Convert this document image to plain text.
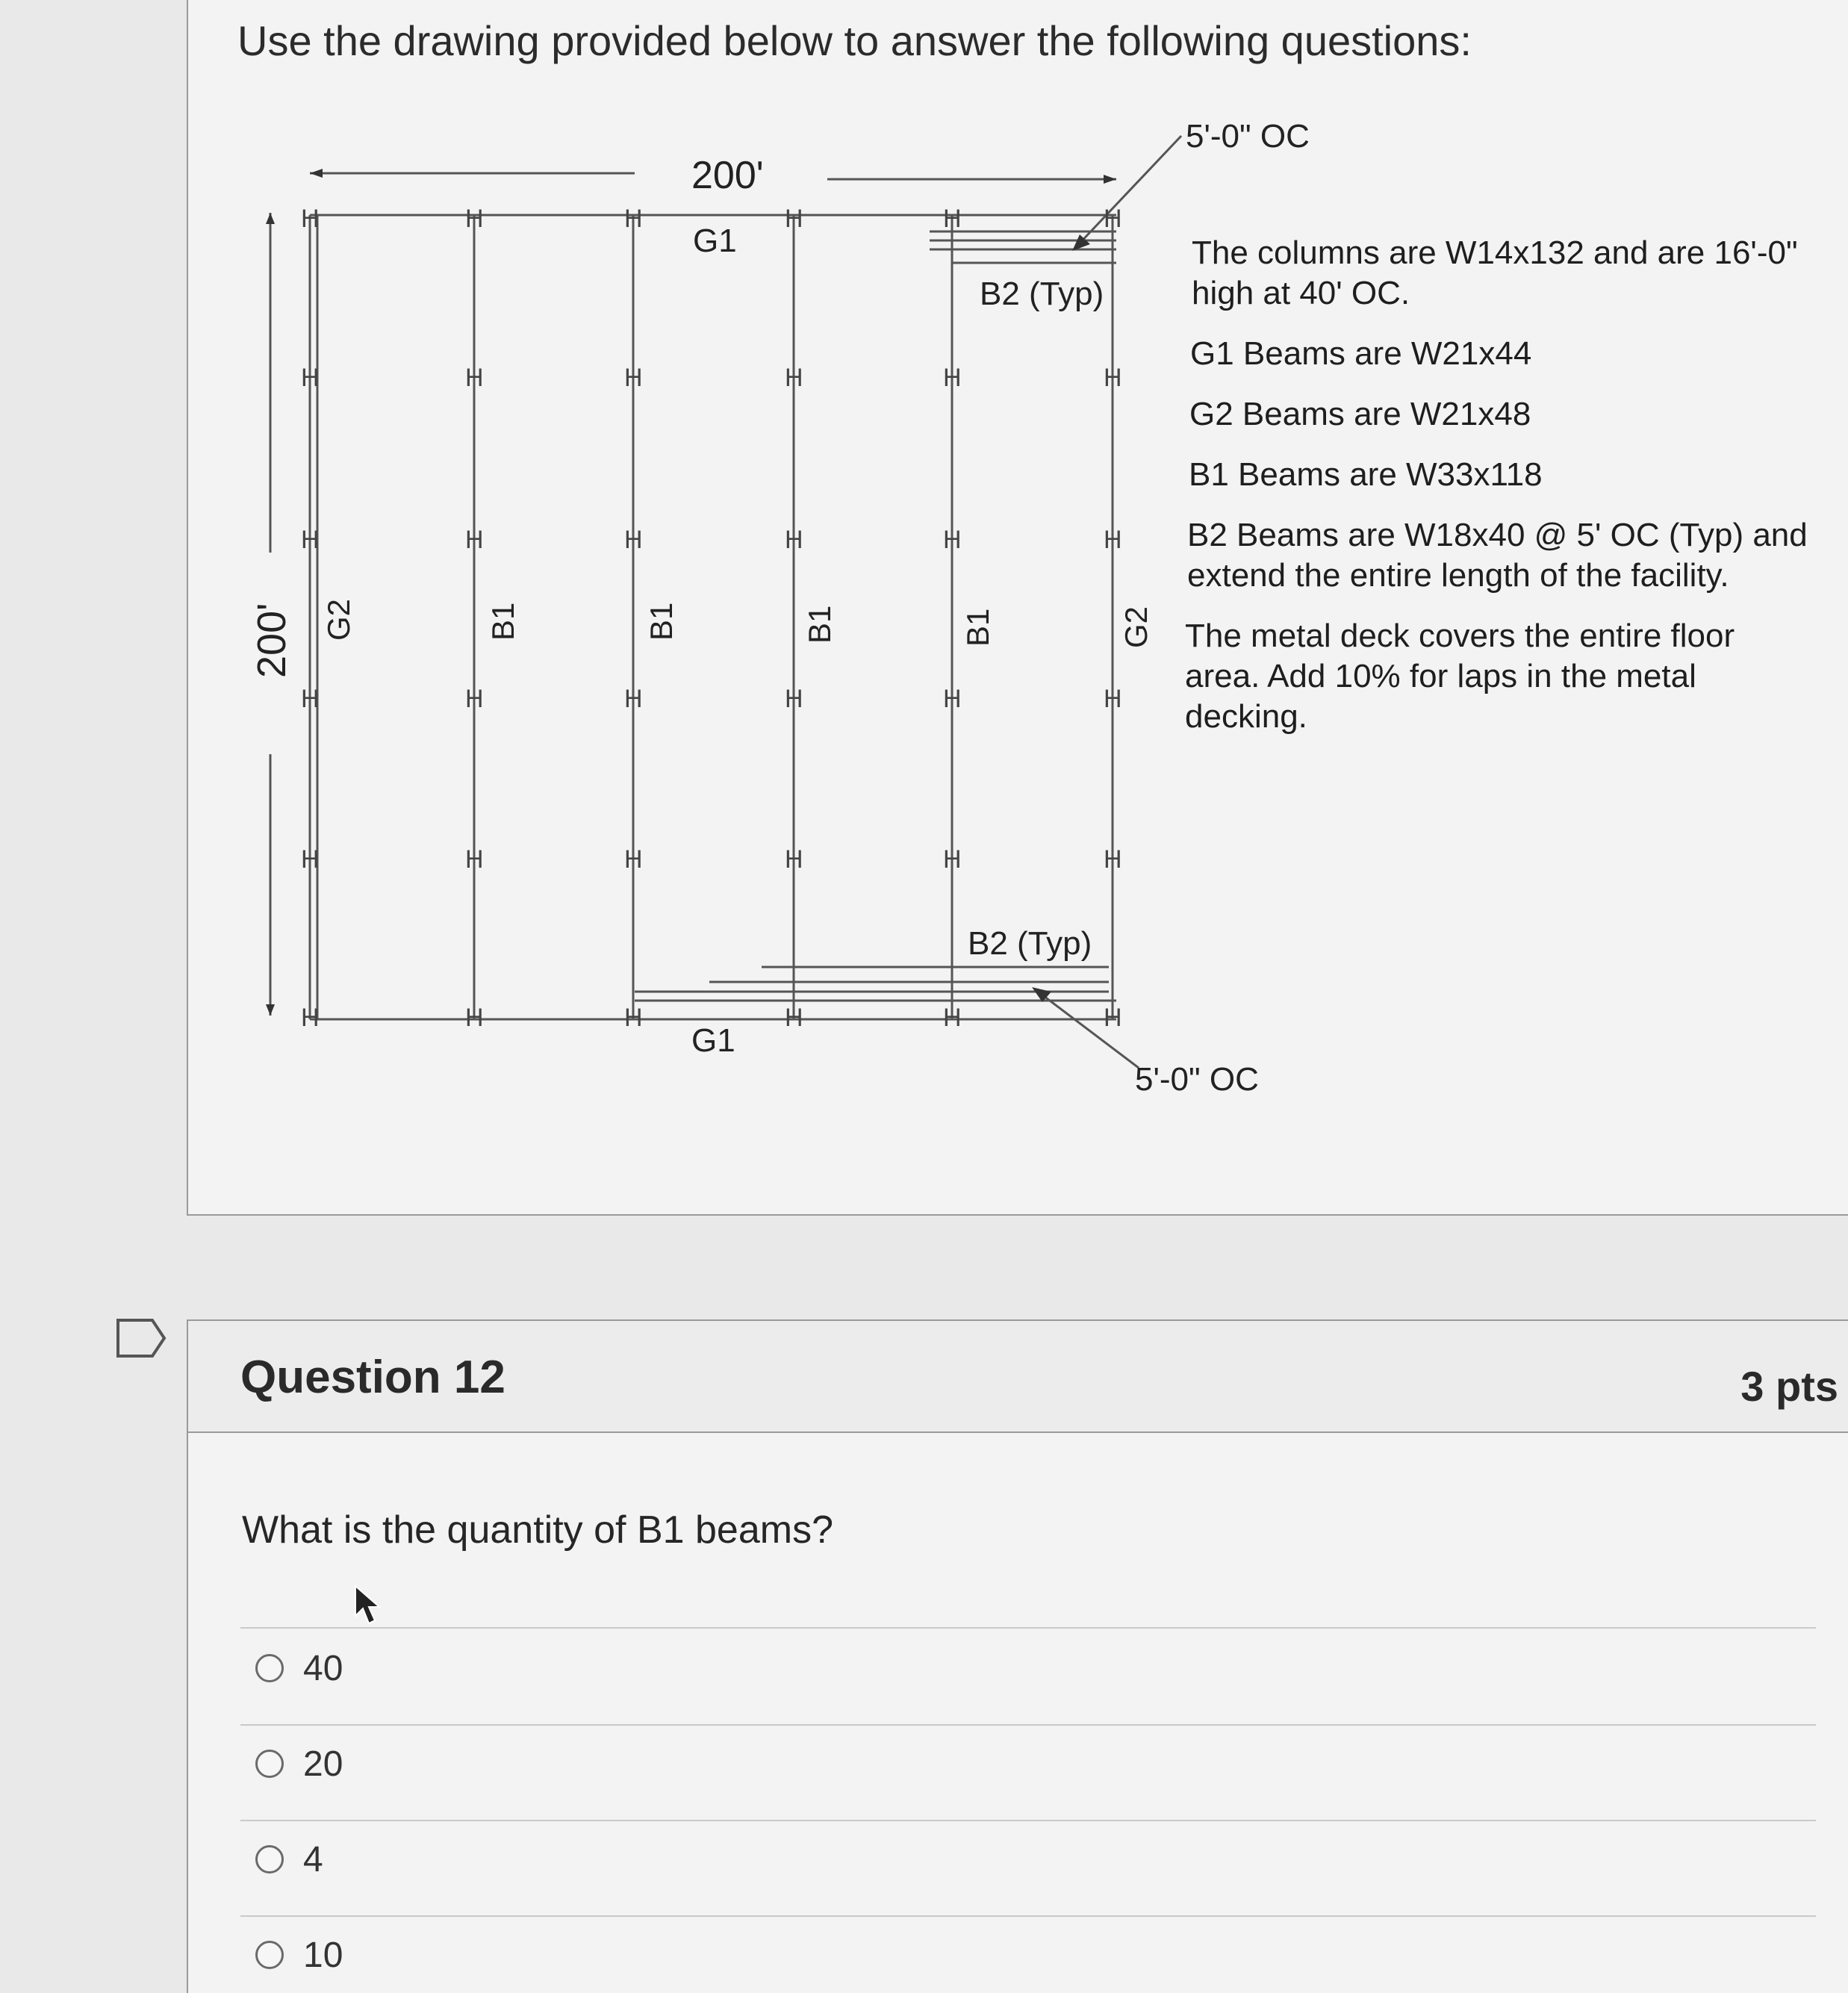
Use the drawing provided below to answer the following questions:
H
H
H
H
H
H
H
H
H
H
H
H
H
H
H
H
H
H
H
H
H
H
H
H
H
H
H
H
H
H
H
H
H
H
H
H
200'
G1
G1
B2 (Typ)
B2 (Typ)
5'-0" OC
5'-0" OC
200' G2	G2
B1	B1	B1	B1
The columns are W14x132 and are 16'-0" high at 40' OC.
G1 Beams are W21x44
G2 Beams are W21x48
B1 Beams are W33x118
B2 Beams are W18x40 @ 5' OC (Typ) and extend the entire length of the facility.
The metal deck covers the entire floor area. Add 10% for laps in the metal decking.
Question 12	3 pts
What is the quantity of B1 beams?
40
20
4
10
